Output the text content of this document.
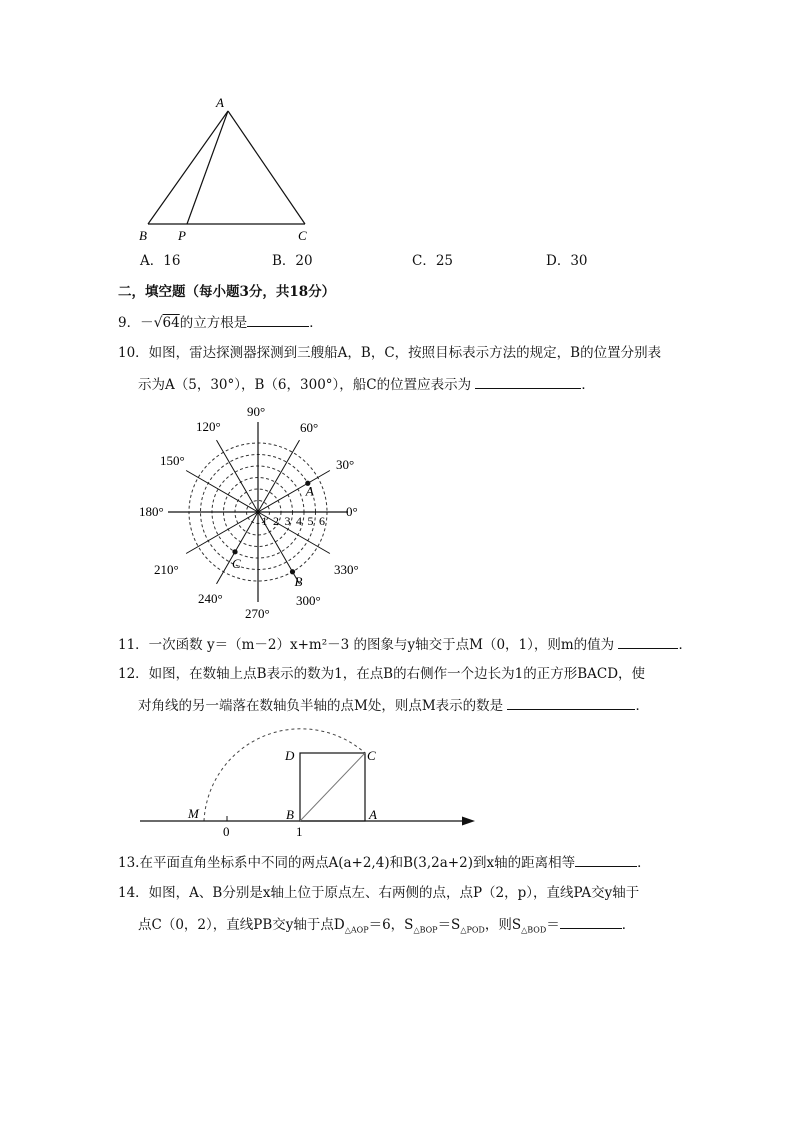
A
B P	C
A．16	B．20	C．25	D．30
二，填空题（每小题3分，共18分）
9．－√64的立方根是	．
10．如图，雷达探测器探测到三艘船A，B，C，按照目标表示方法的规定，B的位置分别表
示为A（5，30°），B（6，300°），船C的位置应表示为	．
0°
30°
60°
90°
120°
150°
180°
210°
240°
270°
300°
330°
1 2 3 4 5 6
A
B
C
11．一次函数 y＝（m－2）x+m²－3 的图象与y轴交于点M（0，1），则m的值为	．
12．如图，在数轴上点B表示的数为1，在点B的右侧作一个边长为1的正方形BACD，使
对角线的另一端落在数轴负半轴的点M处，则点M表示的数是	．
M
0
B
1
A
C
D
13.在平面直角坐标系中不同的两点A(a+2,4)和B(3,2a+2)到x轴的距离相等	．
14．如图，A、B分别是x轴上位于原点左、右两侧的点，点P（2，p），直线PA交y轴于
点C（0，2），直线PB交y轴于点$D_{\triangle AOP}=6$，$S_{\triangle BOP}=S_{\triangle POD}$，则$S_{\triangle BOD}=$	．
